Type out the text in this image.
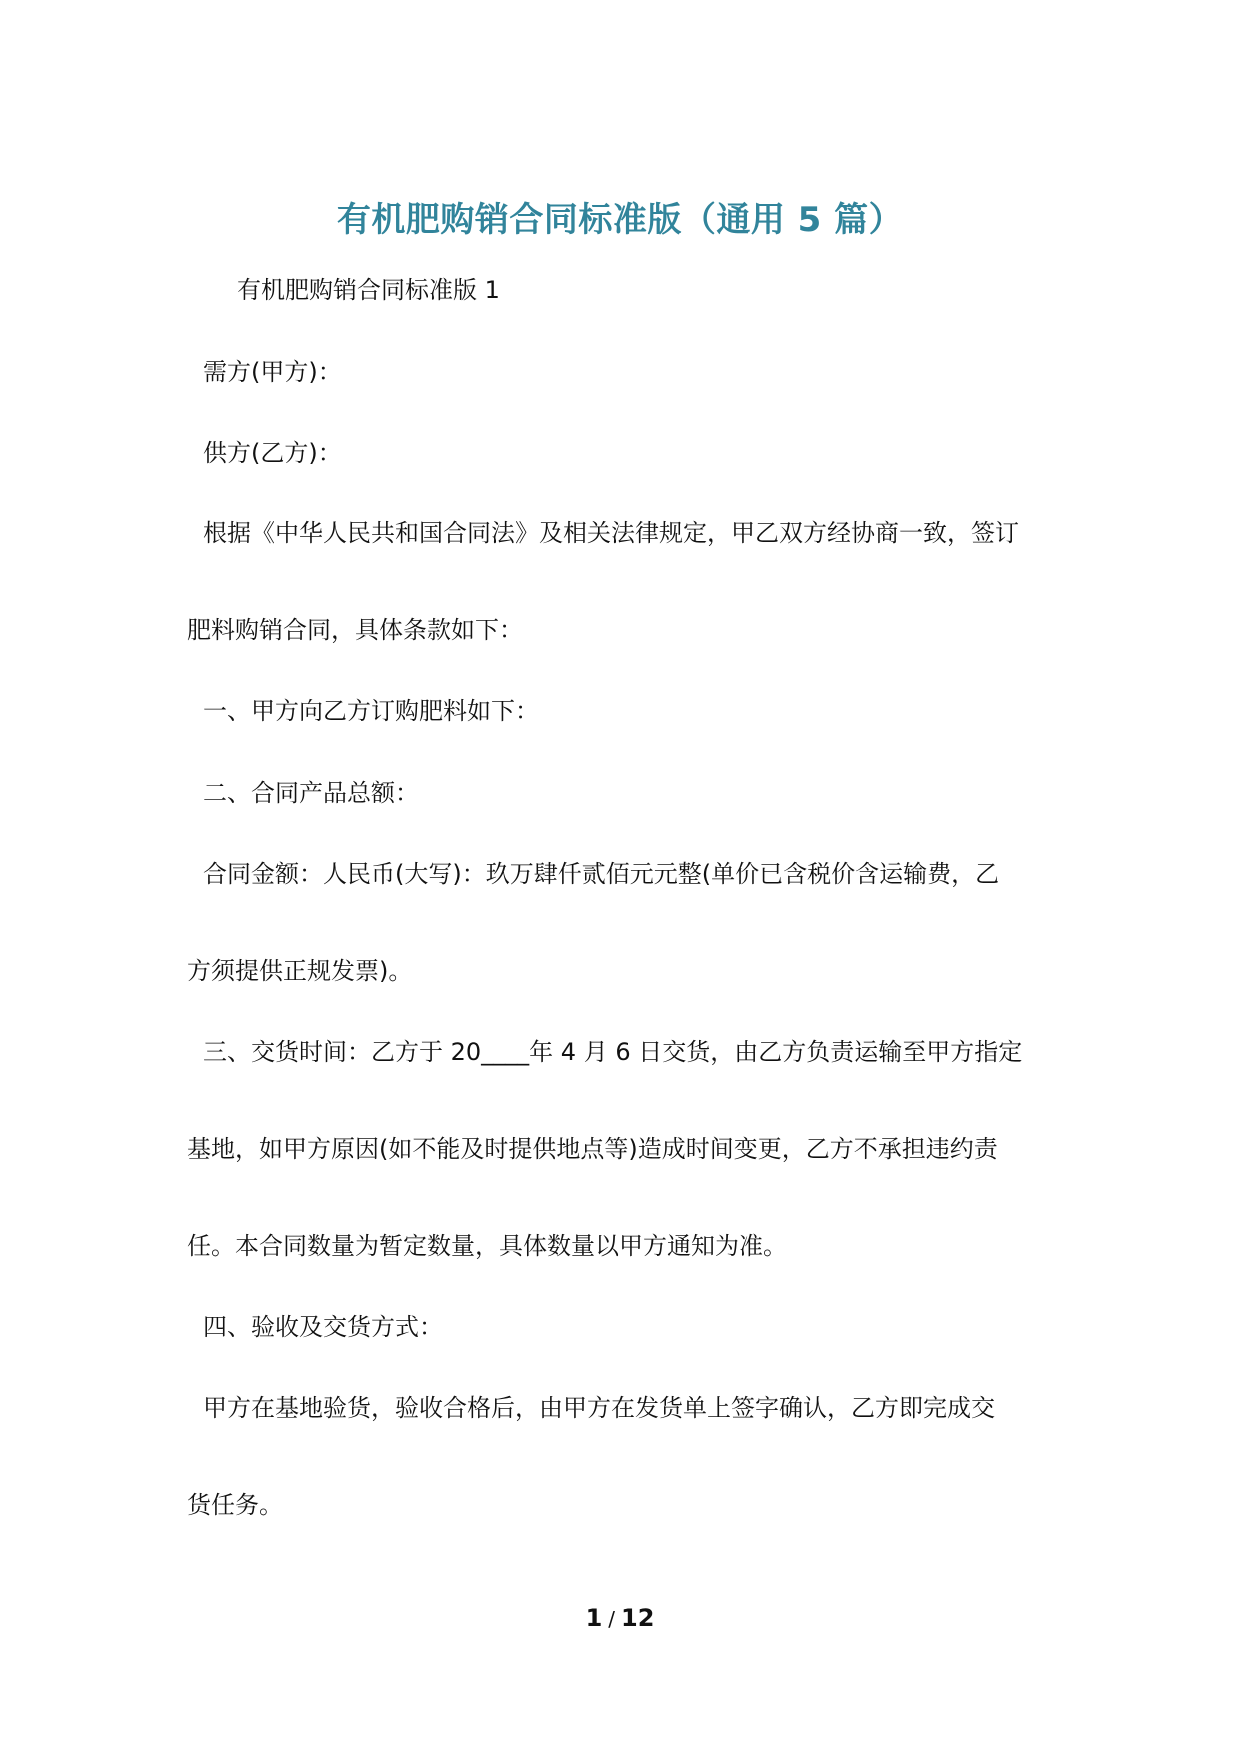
有机肥购销合同标准版（通用 5 篇）
有机肥购销合同标准版 1
需方(甲方)：
供方(乙方)：
根据《中华人民共和国合同法》及相关法律规定，甲乙双方经协商一致，签订
肥料购销合同，具体条款如下：
一、甲方向乙方订购肥料如下：
二、合同产品总额：
合同金额：人民币(大写)：玖万肆仟贰佰元元整(单价已含税价含运输费，乙
方须提供正规发票)。
三、交货时间：乙方于 20____年 4 月 6 日交货，由乙方负责运输至甲方指定
基地，如甲方原因(如不能及时提供地点等)造成时间变更，乙方不承担违约责
任。本合同数量为暂定数量，具体数量以甲方通知为准。
四、验收及交货方式：
甲方在基地验货，验收合格后，由甲方在发货单上签字确认，乙方即完成交
货任务。
1 / 12
